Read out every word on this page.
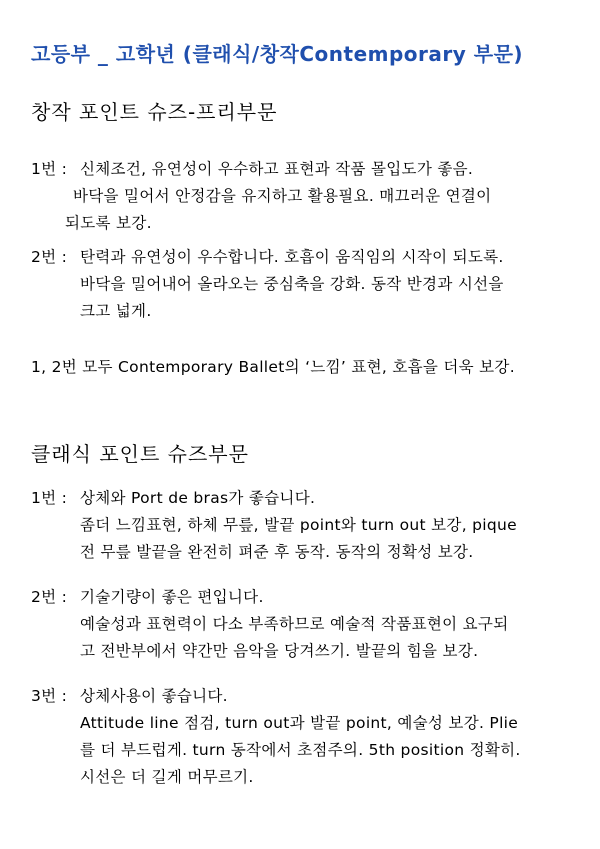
고등부 _ 고학년 (클래식/창작Contemporary 부문)
창작 포인트 슈즈-프리부문
1번 : 신체조건, 유연성이 우수하고 표현과 작품 몰입도가 좋음.
바닥을 밀어서 안정감을 유지하고 활용필요. 매끄러운 연결이
되도록 보강.
2번 : 탄력과 유연성이 우수합니다. 호흡이 움직임의 시작이 되도록.
바닥을 밀어내어 올라오는 중심축을 강화. 동작 반경과 시선을
크고 넓게.
1, 2번 모두 Contemporary Ballet의 ‘느낌’ 표현, 호흡을 더욱 보강.
클래식 포인트 슈즈부문
1번 : 상체와 Port de bras가 좋습니다.
좀더 느낌표현, 하체 무릎, 발끝 point와 turn out 보강, pique
전 무릎 발끝을 완전히 펴준 후 동작. 동작의 정확성 보강.
2번 : 기술기량이 좋은 편입니다.
예술성과 표현력이 다소 부족하므로 예술적 작품표현이 요구되
고 전반부에서 약간만 음악을 당겨쓰기. 발끝의 힘을 보강.
3번 : 상체사용이 좋습니다.
Attitude line 점검, turn out과 발끝 point, 예술성 보강. Plie
를 더 부드럽게. turn 동작에서 초점주의. 5th position 정확히.
시선은 더 길게 머무르기.
